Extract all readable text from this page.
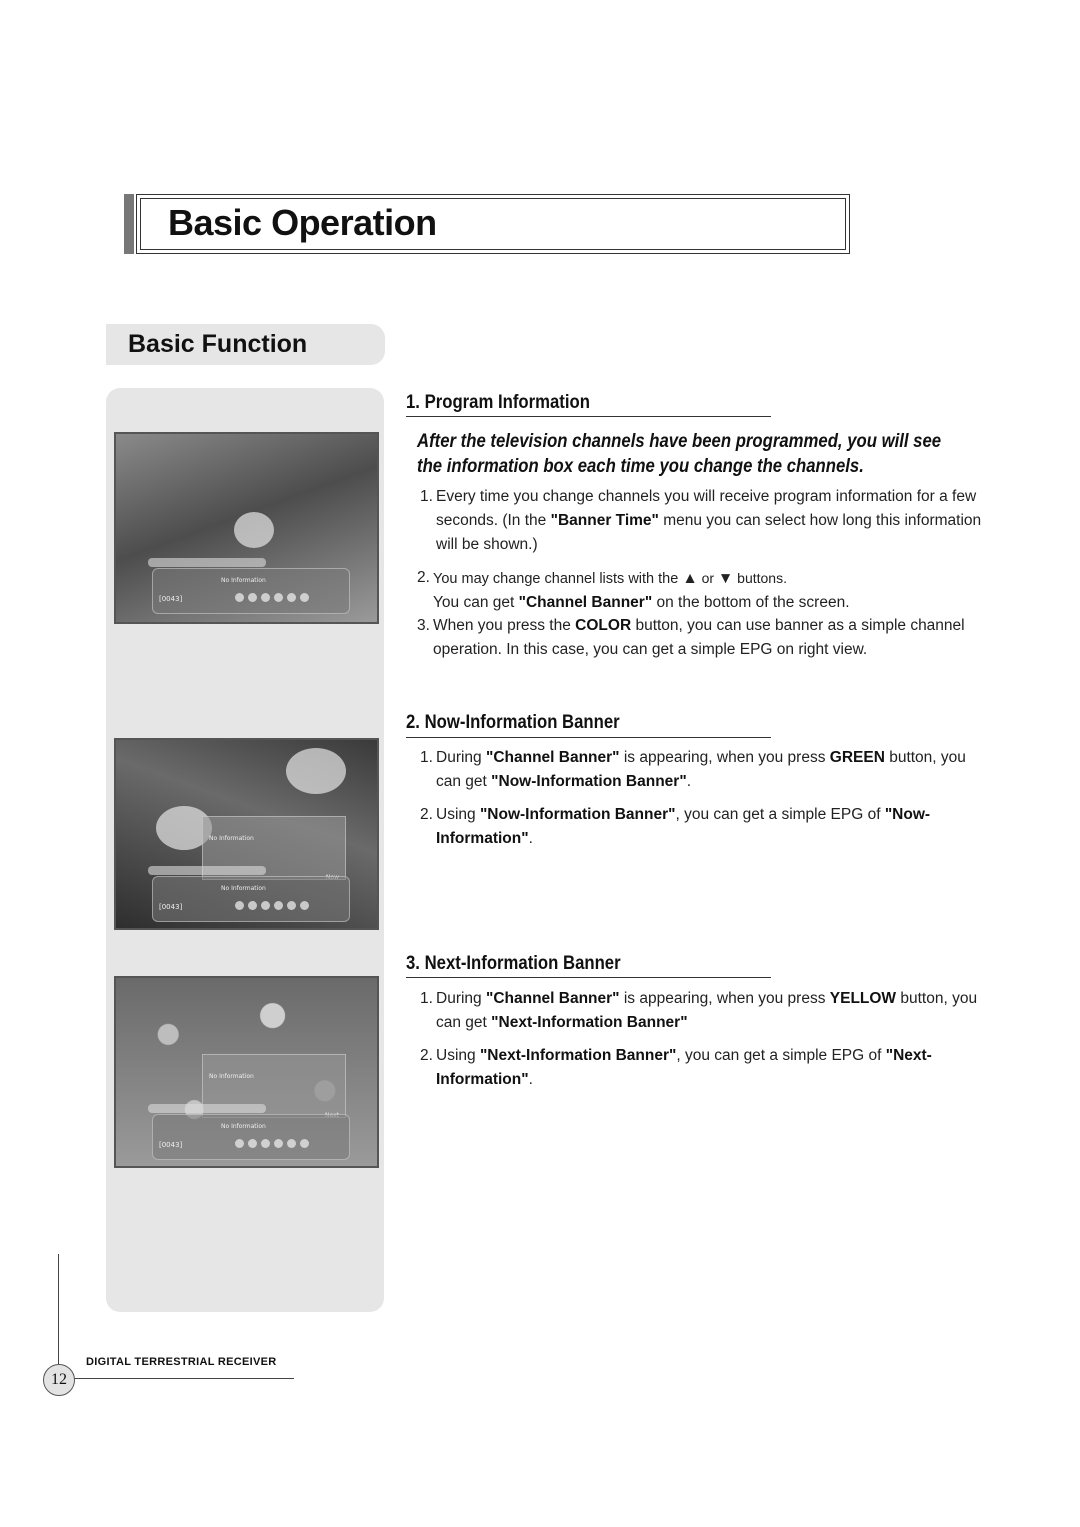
Basic Operation
Basic Function
No Information
[0043]
No Information
No Information
[0043]
No Information
No Information
[0043]
1. Program Information
After the television channels have been programmed, you will see the information box each time you change the channels.
1. Every time you change channels you will receive program information for a few seconds. (In the "Banner Time" menu you can select how long this information will be shown.)
2. You may change channel lists with the ▲ or ▼ buttons.
You can get "Channel Banner" on the bottom of the screen.
3. When you press the COLOR button, you can use banner as a simple channel operation. In this case, you can get a simple EPG on right view.
2. Now-Information Banner
1. During "Channel Banner" is appearing, when you press GREEN button, you can get "Now-Information Banner".
2. Using "Now-Information Banner", you can get a simple EPG of "Now-Information".
3. Next-Information Banner
1. During "Channel Banner" is appearing, when you press YELLOW button, you can get "Next-Information Banner"
2. Using "Next-Information Banner", you can get a simple EPG of "Next-Information".
DIGITAL TERRESTRIAL RECEIVER
12
